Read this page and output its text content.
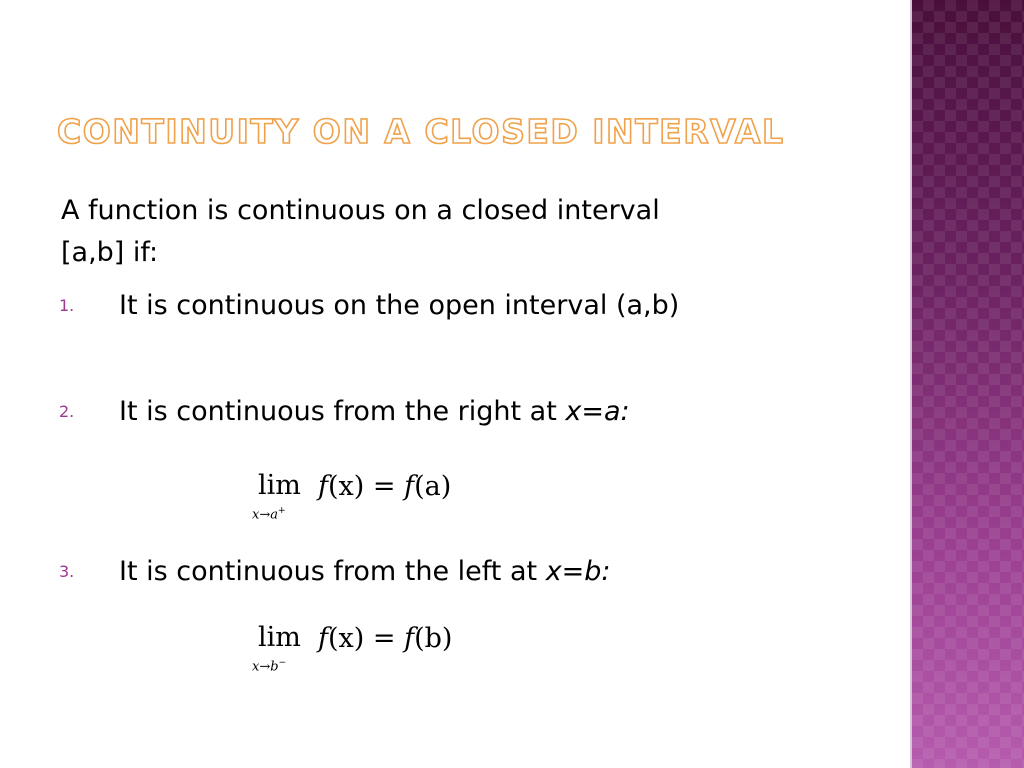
CONTINUITY ON A CLOSED INTERVAL
A function is continuous on a closed interval
[a,b] if:
1. It is continuous on the open interval (a,b)
2. It is continuous from the right at x=a:
lim
x→a+
f(x) = f(a)
3. It is continuous from the left at x=b:
lim
x→b−
f(x) = f(b)
